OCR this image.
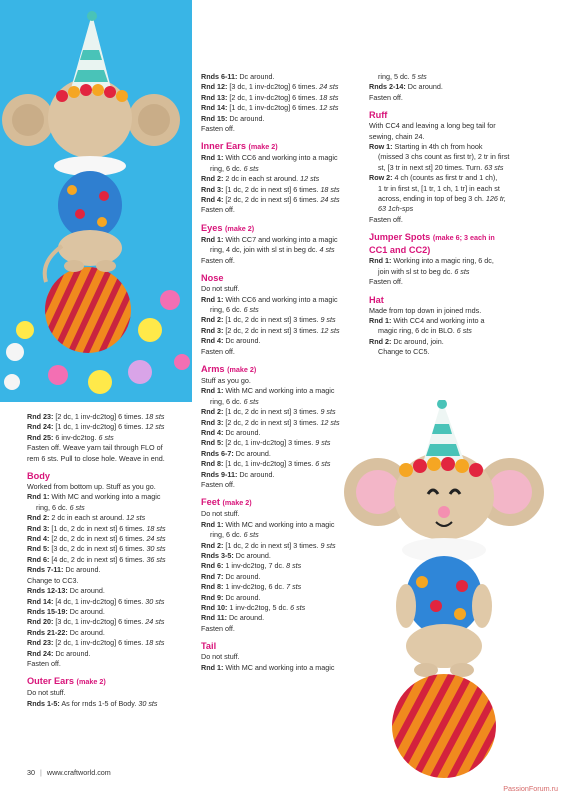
Rnd 23: [2 dc, 1 inv-dc2tog] 6 times. 18 sts
Rnd 24: [1 dc, 1 inv-dc2tog] 6 times. 12 sts
Rnd 25: 6 inv-dc2tog. 6 sts
Fasten off. Weave yarn tail through FLO of
rem 6 sts. Pull to close hole. Weave in end.
Body
Worked from bottom up. Stuff as you go.
Rnd 1: With MC and working into a magic
ring, 6 dc. 6 sts
Rnd 2: 2 dc in each st around. 12 sts
Rnd 3: [1 dc, 2 dc in next st] 6 times. 18 sts
Rnd 4: [2 dc, 2 dc in next st] 6 times. 24 sts
Rnd 5: [3 dc, 2 dc in next st] 6 times. 30 sts
Rnd 6: [4 dc, 2 dc in next st] 6 times. 36 sts
Rnds 7-11: Dc around.
Change to CC3.
Rnds 12-13: Dc around.
Rnd 14: [4 dc, 1 inv-dc2tog] 6 times. 30 sts
Rnds 15-19: Dc around.
Rnd 20: [3 dc, 1 inv-dc2tog] 6 times. 24 sts
Rnds 21-22: Dc around.
Rnd 23: [2 dc, 1 inv-dc2tog] 6 times. 18 sts
Rnd 24: Dc around.
Fasten off.
Outer Ears (make 2)
Do not stuff.
Rnds 1-5: As for rnds 1-5 of Body. 30 sts
Rnds 6-11: Dc around.
Rnd 12: [3 dc, 1 inv-dc2tog] 6 times. 24 sts
Rnd 13: [2 dc, 1 inv-dc2tog] 6 times. 18 sts
Rnd 14: [1 dc, 1 inv-dc2tog] 6 times. 12 sts
Rnd 15: Dc around.
Fasten off.
Inner Ears (make 2)
Rnd 1: With CC6 and working into a magic
ring, 6 dc. 6 sts
Rnd 2: 2 dc in each st around. 12 sts
Rnd 3: [1 dc, 2 dc in next st] 6 times. 18 sts
Rnd 4: [2 dc, 2 dc in next st] 6 times. 24 sts
Fasten off.
Eyes (make 2)
Rnd 1: With CC7 and working into a magic
ring, 4 dc, join with sl st in beg dc. 4 sts
Fasten off.
Nose
Do not stuff.
Rnd 1: With CC6 and working into a magic
ring, 6 dc. 6 sts
Rnd 2: [1 dc, 2 dc in next st] 3 times. 9 sts
Rnd 3: [2 dc, 2 dc in next st] 3 times. 12 sts
Rnd 4: Dc around.
Fasten off.
Arms (make 2)
Stuff as you go.
Rnd 1: With MC and working into a magic
ring, 6 dc. 6 sts
Rnd 2: [1 dc, 2 dc in next st] 3 times. 9 sts
Rnd 3: [2 dc, 2 dc in next st] 3 times. 12 sts
Rnd 4: Dc around.
Rnd 5: [2 dc, 1 inv-dc2tog] 3 times. 9 sts
Rnds 6-7: Dc around.
Rnd 8: [1 dc, 1 inv-dc2tog] 3 times. 6 sts
Rnds 9-11: Dc around.
Fasten off.
Feet (make 2)
Do not stuff.
Rnd 1: With MC and working into a magic
ring, 6 dc. 6 sts
Rnd 2: [1 dc, 2 dc in next st] 3 times. 9 sts
Rnds 3-5: Dc around.
Rnd 6: 1 inv-dc2tog, 7 dc. 8 sts
Rnd 7: Dc around.
Rnd 8: 1 inv-dc2tog, 6 dc. 7 sts
Rnd 9: Dc around.
Rnd 10: 1 inv-dc2tog, 5 dc. 6 sts
Rnd 11: Dc around.
Fasten off.
Tail
Do not stuff.
Rnd 1: With MC and working into a magic
ring, 5 dc. 5 sts
Rnds 2-14: Dc around.
Fasten off.
Ruff
With CC4 and leaving a long beg tail for
sewing, chain 24.
Row 1: Starting in 4th ch from hook
(missed 3 chs count as first tr), 2 tr in first
st, [3 tr in next st] 20 times. Turn. 63 sts
Row 2: 4 ch (counts as first tr and 1 ch),
1 tr in first st, [1 tr, 1 ch, 1 tr] in each st
across, ending in top of beg 3 ch. 126 tr,
63 1ch-sps
Fasten off.
Jumper Spots (make 6; 3 each in
CC1 and CC2)
Rnd 1: Working into a magic ring, 6 dc,
join with sl st to beg dc. 6 sts
Fasten off.
Hat
Made from top down in joined rnds.
Rnd 1: With CC4 and working into a
magic ring, 6 dc in BLO. 6 sts
Rnd 2: Dc around, join.
Change to CC5.
30 | www.craftworld.com
PassionForum.ru
